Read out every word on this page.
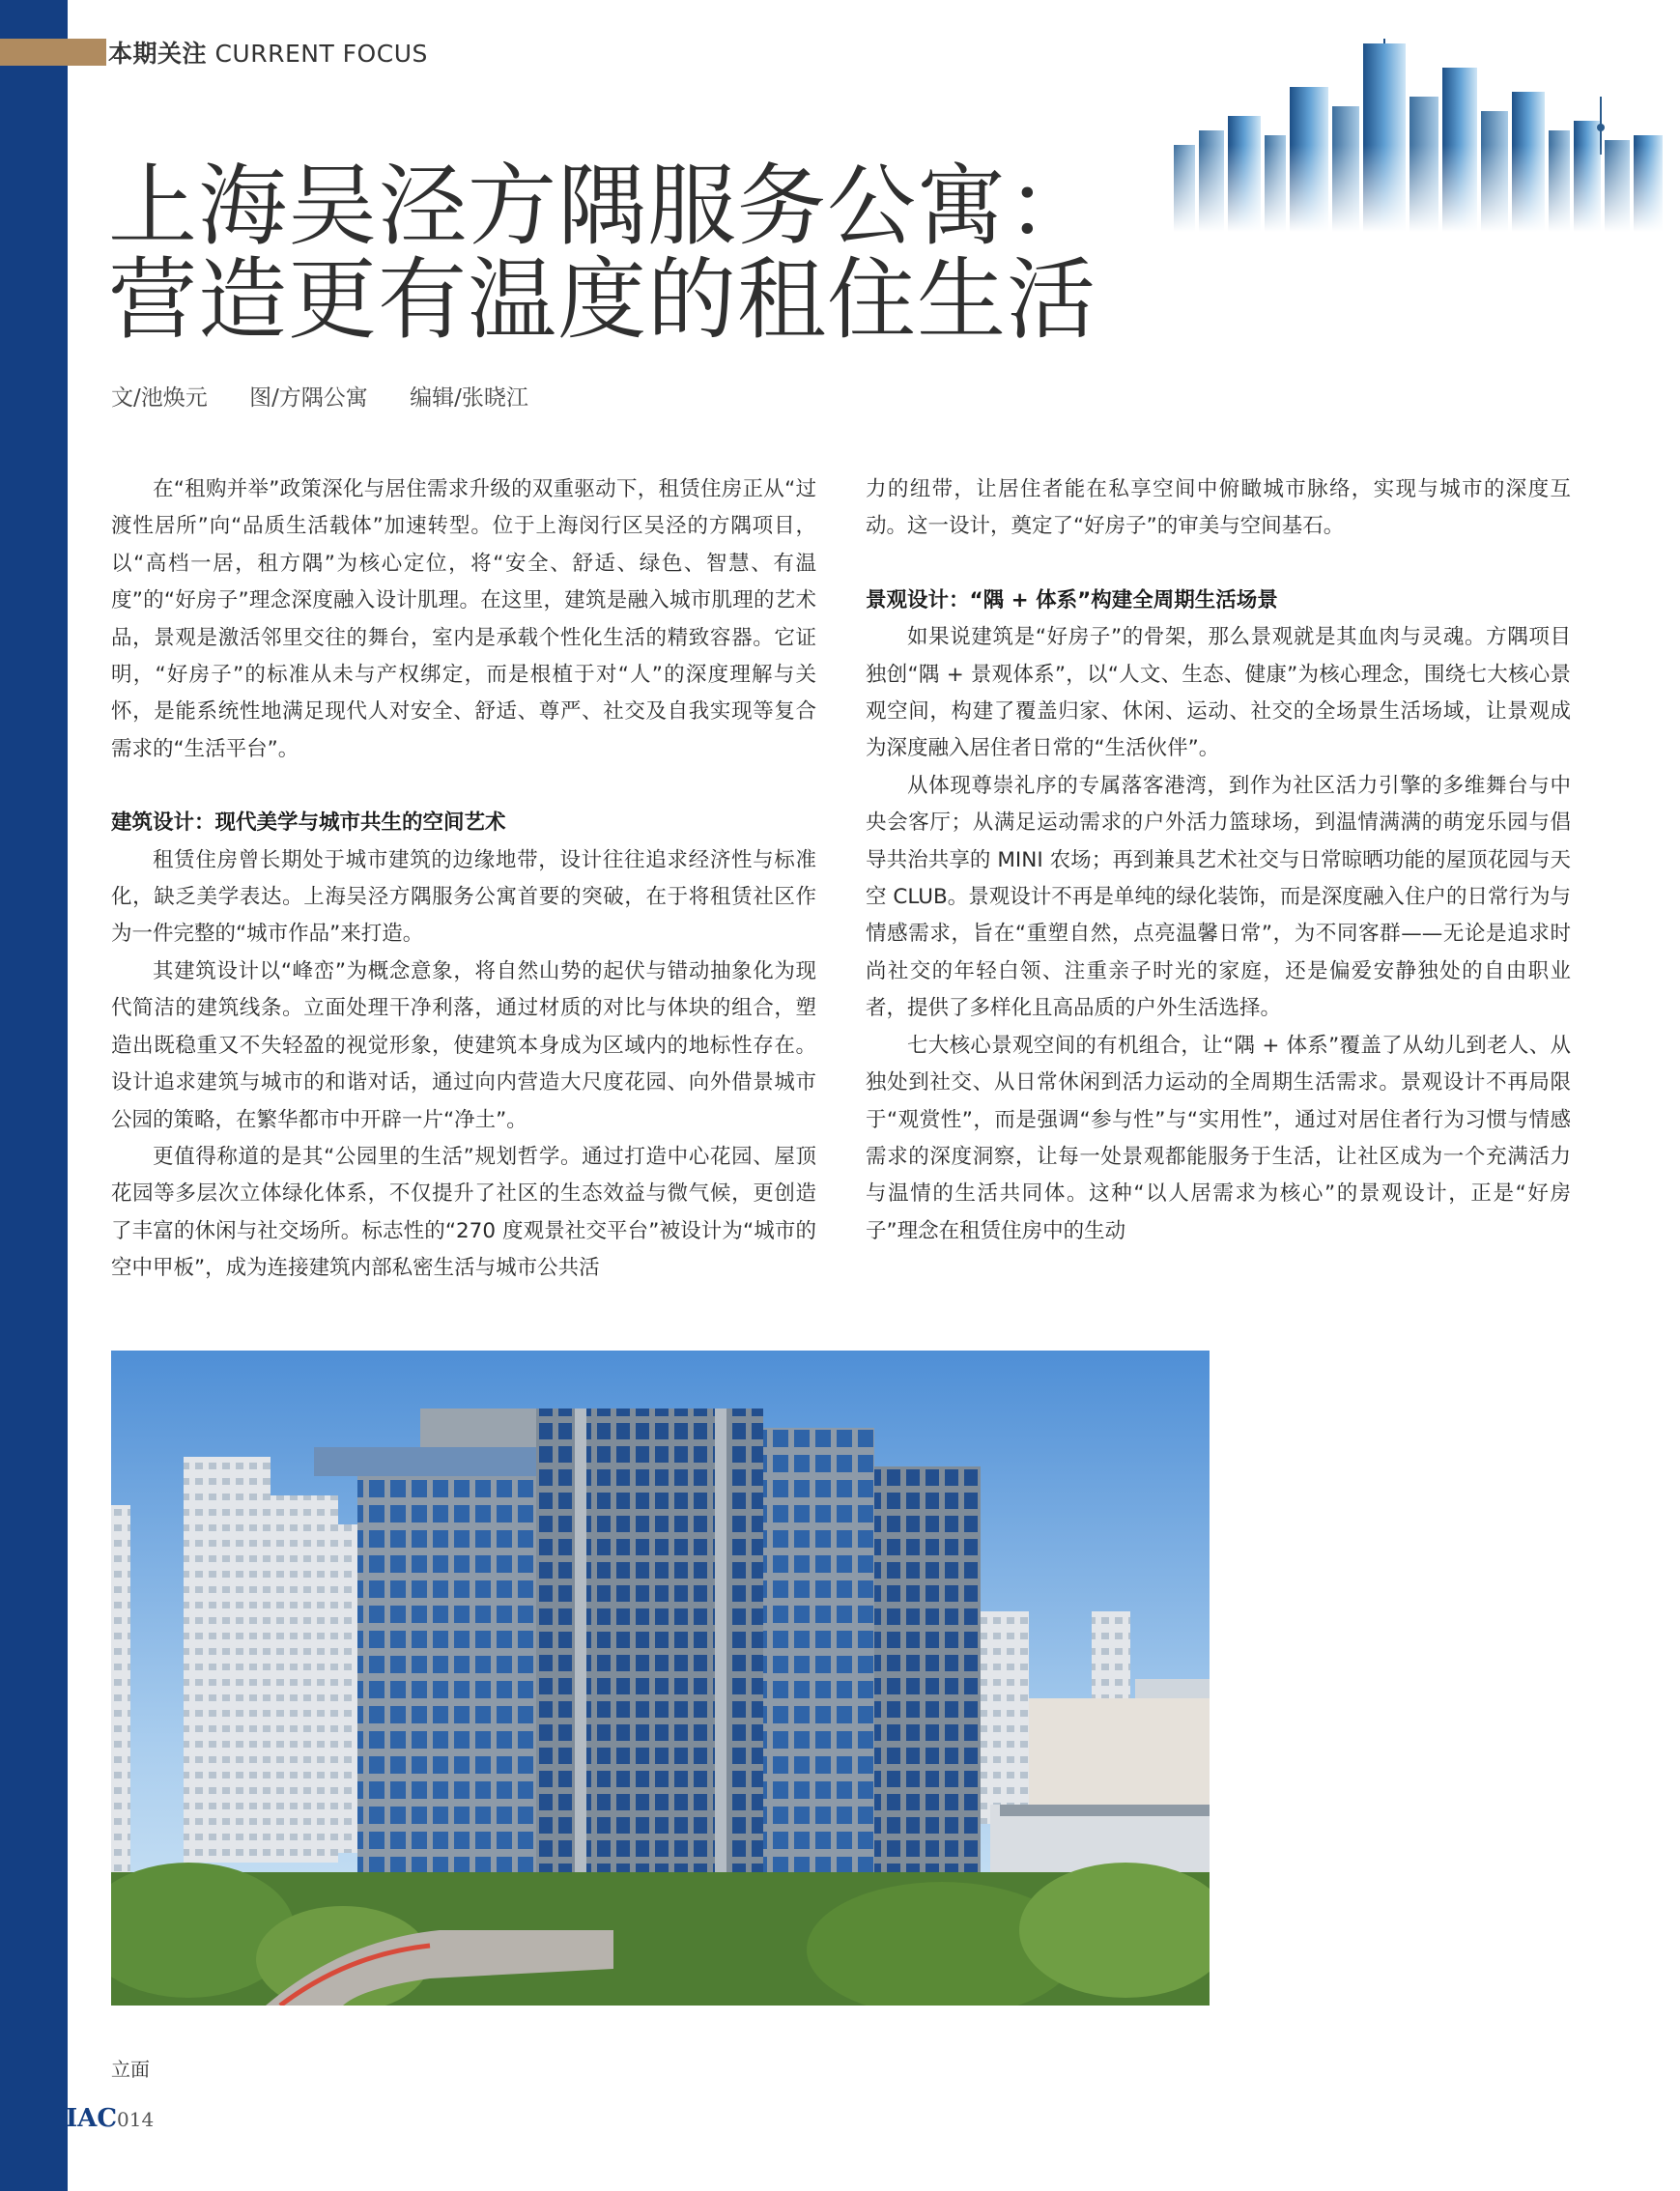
本期关注 CURRENT FOCUS
上海吴泾方隅服务公寓：
营造更有温度的租住生活
文/池焕元 图/方隅公寓 编辑/张晓江

在“租购并举”政策深化与居住需求升级的双重驱动下，租赁住房正从“过渡性居所”向“品质生活载体”加速转型。位于上海闵行区吴泾的方隅项目，以“高档一居，租方隅”为核心定位，将“安全、舒适、绿色、智慧、有温度”的“好房子”理念深度融入设计肌理。在这里，建筑是融入城市肌理的艺术品，景观是激活邻里交往的舞台，室内是承载个性化生活的精致容器。它证明，“好房子”的标准从未与产权绑定，而是根植于对“人”的深度理解与关怀，是能系统性地满足现代人对安全、舒适、尊严、社交及自我实现等复合需求的“生活平台”。

建筑设计：现代美学与城市共生的空间艺术

租赁住房曾长期处于城市建筑的边缘地带，设计往往追求经济性与标准化，缺乏美学表达。上海吴泾方隅服务公寓首要的突破，在于将租赁社区作为一件完整的“城市作品”来打造。

其建筑设计以“峰峦”为概念意象，将自然山势的起伏与错动抽象化为现代简洁的建筑线条。立面处理干净利落，通过材质的对比与体块的组合，塑造出既稳重又不失轻盈的视觉形象，使建筑本身成为区域内的地标性存在。设计追求建筑与城市的和谐对话，通过向内营造大尺度花园、向外借景城市公园的策略，在繁华都市中开辟一片“净土”。

更值得称道的是其“公园里的生活”规划哲学。通过打造中心花园、屋顶花园等多层次立体绿化体系，不仅提升了社区的生态效益与微气候，更创造了丰富的休闲与社交场所。标志性的“270 度观景社交平台”被设计为“城市的空中甲板”，成为连接建筑内部私密生活与城市公共活

力的纽带，让居住者能在私享空间中俯瞰城市脉络，实现与城市的深度互动。这一设计，奠定了“好房子”的审美与空间基石。

景观设计：“隅 + 体系”构建全周期生活场景

如果说建筑是“好房子”的骨架，那么景观就是其血肉与灵魂。方隅项目独创“隅 + 景观体系”，以“人文、生态、健康”为核心理念，围绕七大核心景观空间，构建了覆盖归家、休闲、运动、社交的全场景生活场域，让景观成为深度融入居住者日常的“生活伙伴”。

从体现尊崇礼序的专属落客港湾，到作为社区活力引擎的多维舞台与中央会客厅；从满足运动需求的户外活力篮球场，到温情满满的萌宠乐园与倡导共治共享的 MINI 农场；再到兼具艺术社交与日常晾晒功能的屋顶花园与天空 CLUB。景观设计不再是单纯的绿化装饰，而是深度融入住户的日常行为与情感需求，旨在“重塑自然，点亮温馨日常”，为不同客群——无论是追求时尚社交的年轻白领、注重亲子时光的家庭，还是偏爱安静独处的自由职业者，提供了多样化且高品质的户外生活选择。

七大核心景观空间的有机组合，让“隅 + 体系”覆盖了从幼儿到老人、从独处到社交、从日常休闲到活力运动的全周期生活需求。景观设计不再局限于“观赏性”，而是强调“参与性”与“实用性”，通过对居住者行为习惯与情感需求的深度洞察，让每一处景观都能服务于生活，让社区成为一个充满活力与温情的生活共同体。这种“以人居需求为核心”的景观设计，正是“好房子”理念在租赁住房中的生动

立面
IAC014
